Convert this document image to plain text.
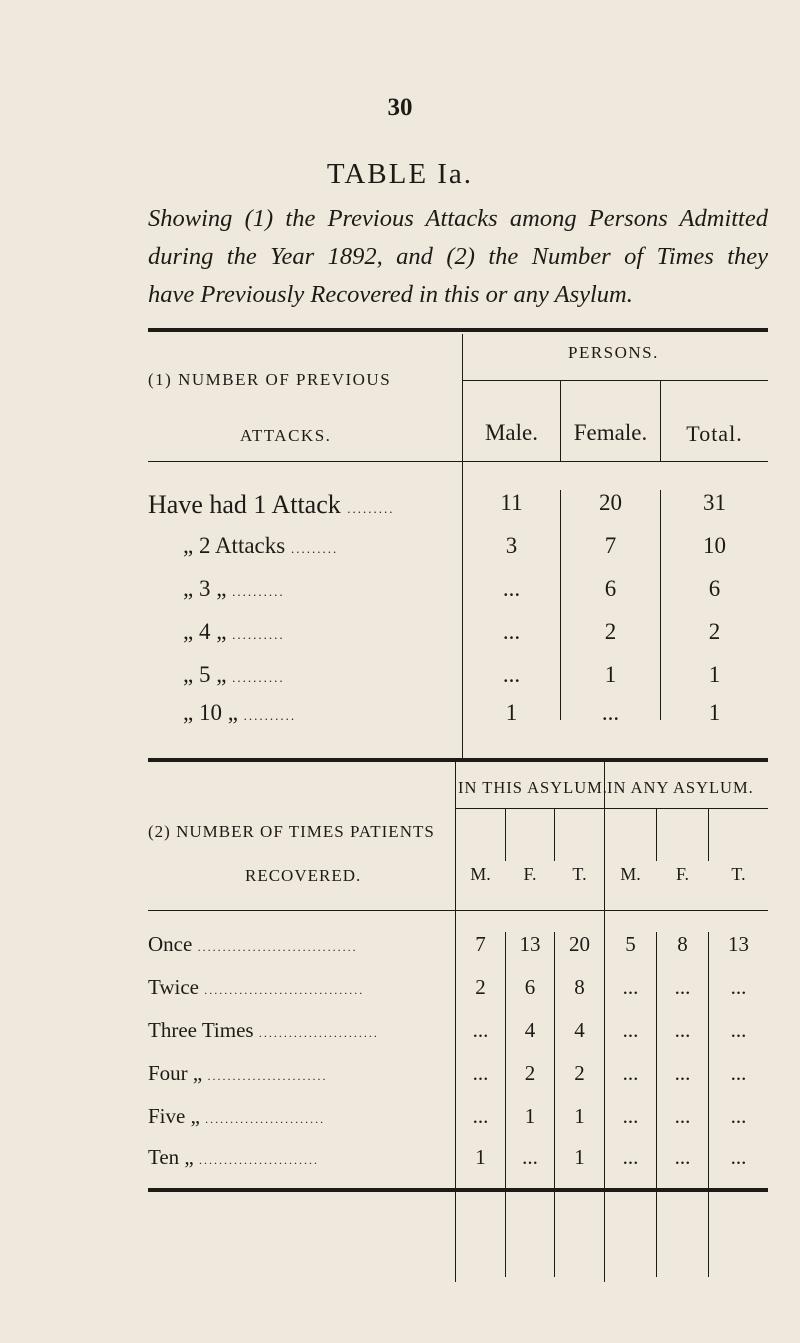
30
TABLE Ia.
Showing (1) the Previous Attacks among Persons Admitted
during the Year 1892, and (2) the Number of Times they
have Previously Recovered in this or any Asylum.
(1) NUMBER OF PREVIOUS
ATTACKS.
PERSONS.
Male.	Female.	Total.
Have had 1 Attack .........	11	20	31
„ 2 Attacks .........	3	7	10
„ 3 „ ..........	...	6	6
„ 4 „ ..........	...	2	2
„ 5 „ ..........	...	1	1
„ 10 „ ..........	1	...	1
(2) NUMBER OF TIMES PATIENTS
RECOVERED.
IN THIS ASYLUM. IN ANY ASYLUM.
M.	F.	T.	M.	F.	T.
Once ................................	7	13	20	5	8	13
Twice ................................	2	6	8	...	...	...
Three Times ........................	...	4	4	...	...	...
Four „ ........................	...	2	2	...	...	...
Five „ ........................	...	1	1	...	...	...
Ten „ ........................	1	...	1	...	...	...
